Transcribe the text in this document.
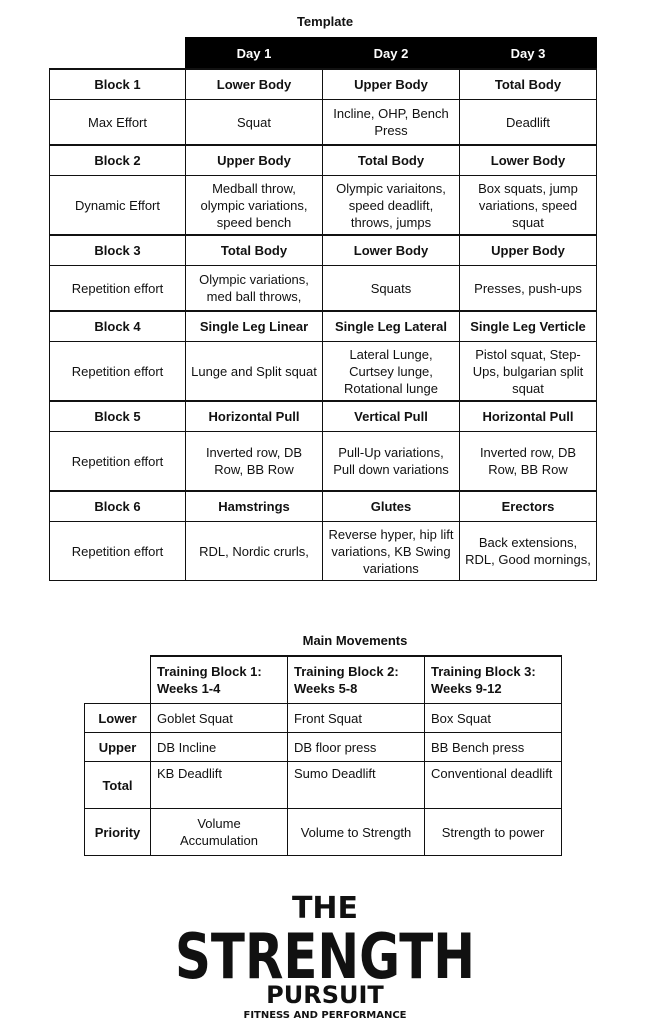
Template
	Day 1	Day 2	Day 3
Block 1	Lower Body	Upper Body	Total Body
Max Effort	Squat	Incline, OHP, Bench Press	Deadlift
Block 2	Upper Body	Total Body	Lower Body
Dynamic Effort	Medball throw, olympic variations, speed bench	Olympic variaitons, speed deadlift, throws, jumps	Box squats, jump variations, speed squat
Block 3	Total Body	Lower Body	Upper Body
Repetition effort	Olympic variations, med ball throws,	Squats	Presses, push-ups
Block 4	Single Leg Linear	Single Leg Lateral	Single Leg Verticle
Repetition effort	Lunge and Split squat	Lateral Lunge, Curtsey lunge, Rotational lunge	Pistol squat, Step-Ups, bulgarian split squat
Block 5	Horizontal Pull	Vertical Pull	Horizontal Pull
Repetition effort	Inverted row, DB Row, BB Row	Pull-Up variations, Pull down variations	Inverted row, DB Row, BB Row
Block 6	Hamstrings	Glutes	Erectors
Repetition effort	RDL, Nordic crurls,	Reverse hyper, hip lift variations, KB Swing variations	Back extensions, RDL, Good mornings,
Main Movements
	Training Block 1: Weeks 1-4	Training Block 2: Weeks 5-8	Training Block 3: Weeks 9-12
Lower	Goblet Squat	Front Squat	Box Squat
Upper	DB Incline	DB floor press	BB Bench press
Total	KB Deadlift	Sumo Deadlift	Conventional deadlift
Priority	Volume Accumulation	Volume to Strength	Strength to power
THE
STRENGTH
PURSUIT
FITNESS AND PERFORMANCE
